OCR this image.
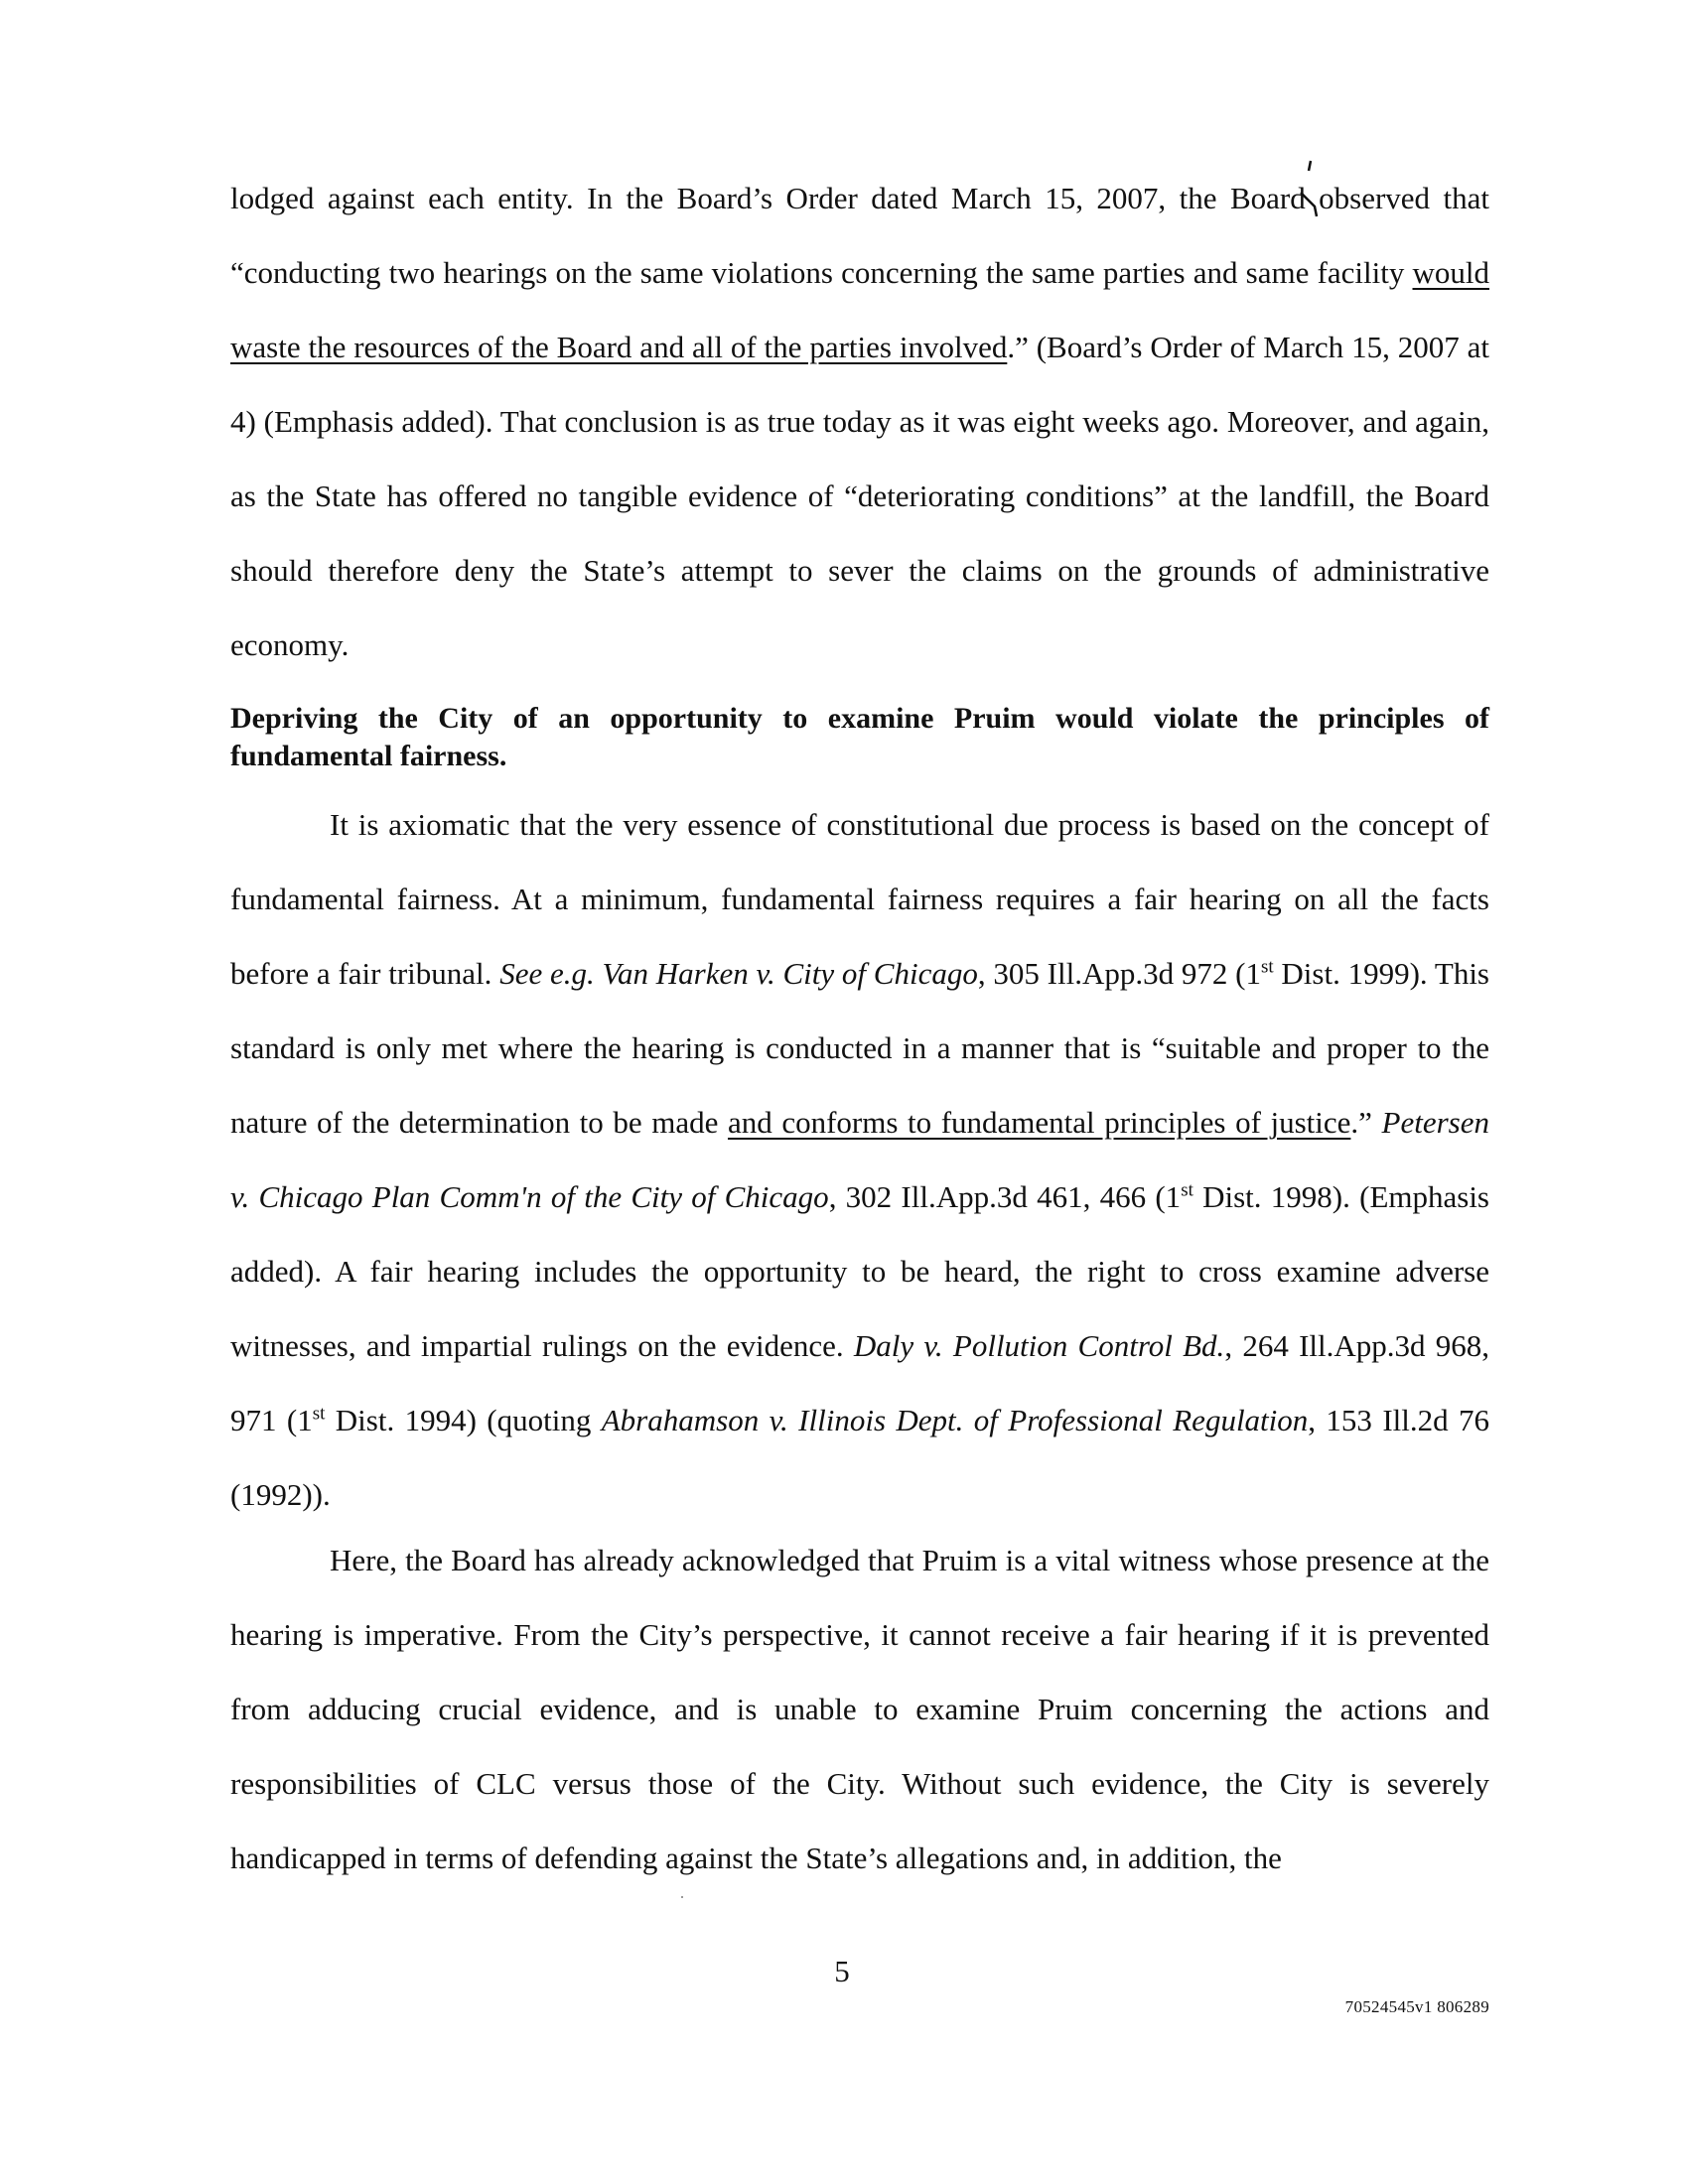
lodged against each entity. In the Board’s Order dated March 15, 2007, the Board observed that “conducting two hearings on the same violations concerning the same parties and same facility would waste the resources of the Board and all of the parties involved.” (Board’s Order of March 15, 2007 at 4) (Emphasis added). That conclusion is as true today as it was eight weeks ago. Moreover, and again, as the State has offered no tangible evidence of “deteriorating conditions” at the landfill, the Board should therefore deny the State’s attempt to sever the claims on the grounds of administrative economy.

Depriving the City of an opportunity to examine Pruim would violate the principles of fundamental fairness.

It is axiomatic that the very essence of constitutional due process is based on the concept of fundamental fairness. At a minimum, fundamental fairness requires a fair hearing on all the facts before a fair tribunal. See e.g. Van Harken v. City of Chicago, 305 Ill.App.3d 972 (1st Dist. 1999). This standard is only met where the hearing is conducted in a manner that is “suitable and proper to the nature of the determination to be made and conforms to fundamental principles of justice.” Petersen v. Chicago Plan Comm'n of the City of Chicago, 302 Ill.App.3d 461, 466 (1st Dist. 1998). (Emphasis added). A fair hearing includes the opportunity to be heard, the right to cross examine adverse witnesses, and impartial rulings on the evidence. Daly v. Pollution Control Bd., 264 Ill.App.3d 968, 971 (1st Dist. 1994) (quoting Abrahamson v. Illinois Dept. of Professional Regulation, 153 Ill.2d 76 (1992)).

Here, the Board has already acknowledged that Pruim is a vital witness whose presence at the hearing is imperative. From the City’s perspective, it cannot receive a fair hearing if it is prevented from adducing crucial evidence, and is unable to examine Pruim concerning the actions and responsibilities of CLC versus those of the City. Without such evidence, the City is severely handicapped in terms of defending against the State’s allegations and, in addition, the

5

70524545v1 806289
